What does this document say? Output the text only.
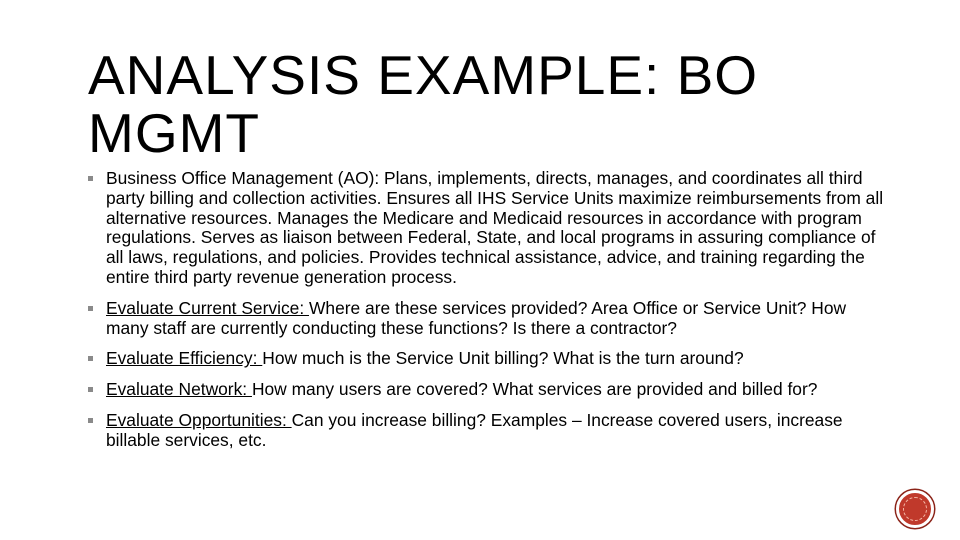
ANALYSIS EXAMPLE: BO MGMT
Business Office Management (AO): Plans, implements, directs, manages, and coordinates all third party billing and collection activities. Ensures all IHS Service Units maximize reimbursements from all alternative resources. Manages the Medicare and Medicaid resources in accordance with program regulations. Serves as liaison between Federal, State, and local programs in assuring compliance of all laws, regulations, and policies. Provides technical assistance, advice, and training regarding the entire third party revenue generation process.
Evaluate Current Service: Where are these services provided? Area Office or Service Unit? How many staff are currently conducting these functions? Is there a contractor?
Evaluate Efficiency: How much is the Service Unit billing? What is the turn around?
Evaluate Network: How many users are covered? What services are provided and billed for?
Evaluate Opportunities: Can you increase billing? Examples – Increase covered users, increase billable services, etc.
